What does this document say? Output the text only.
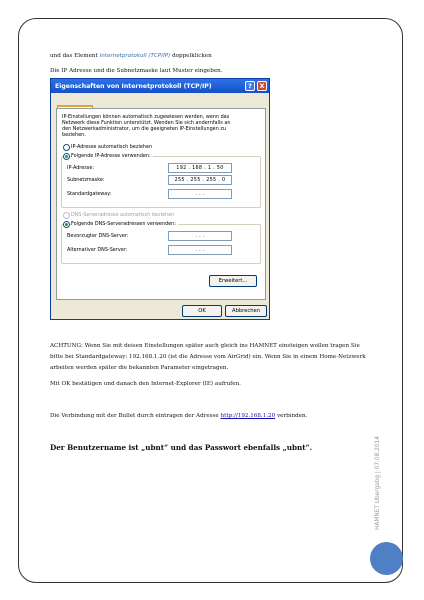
und das Element Internetprotokoll (TCP/IP) doppelklicken
Die IP Adresse und die Subnetzmaske laut Muster eingeben.
Eigenschaften von Internetprotokoll (TCP/IP)	?	X
IP-Einstellungen können automatisch zugewiesen werden, wenn das
Netzwerk diese Funktion unterstützt. Wenden Sie sich andernfalls an
den Netzwerkadministrator, um die geeigneten IP-Einstellungen zu
beziehen.
IP-Adresse automatisch beziehen
Folgende IP-Adresse verwenden:
IP-Adresse:	192 . 168 . 1 . 50
Subnetzmaske:	255 . 255 . 255 . 0
Standardgateway:	. . .
DNS-Serveradresse automatisch beziehen
Folgende DNS-Serveradressen verwenden:
Bevorzugter DNS-Server:	. . .
Alternativer DNS-Server:	. . .
Erweitert...
OK	Abbrechen
ACHTUNG: Wenn Sie mit deisen Einstellungen später auch gleich ins HAMNET einsteigen wollen tragen Sie
bitte bei Standardgateway: 192.168.1.20 (ist die Adresse vom AirGrid) ein. Wenn Sie in einem Home-Netzwerk
arbeiten werden später die bekannten Parameter eingetragen.
Mit OK bestätigen und danach den Internet-Explorer (IE) aufrufen.
Die Verbindung mit der Bullet durch eintragen der Adresse http://192.168.1.20 verbinden.
Der Benutzername ist „ubnt“ und das Passwort ebenfalls „ubnt“.	HAMNET Ubergabg | 07.08.2014
